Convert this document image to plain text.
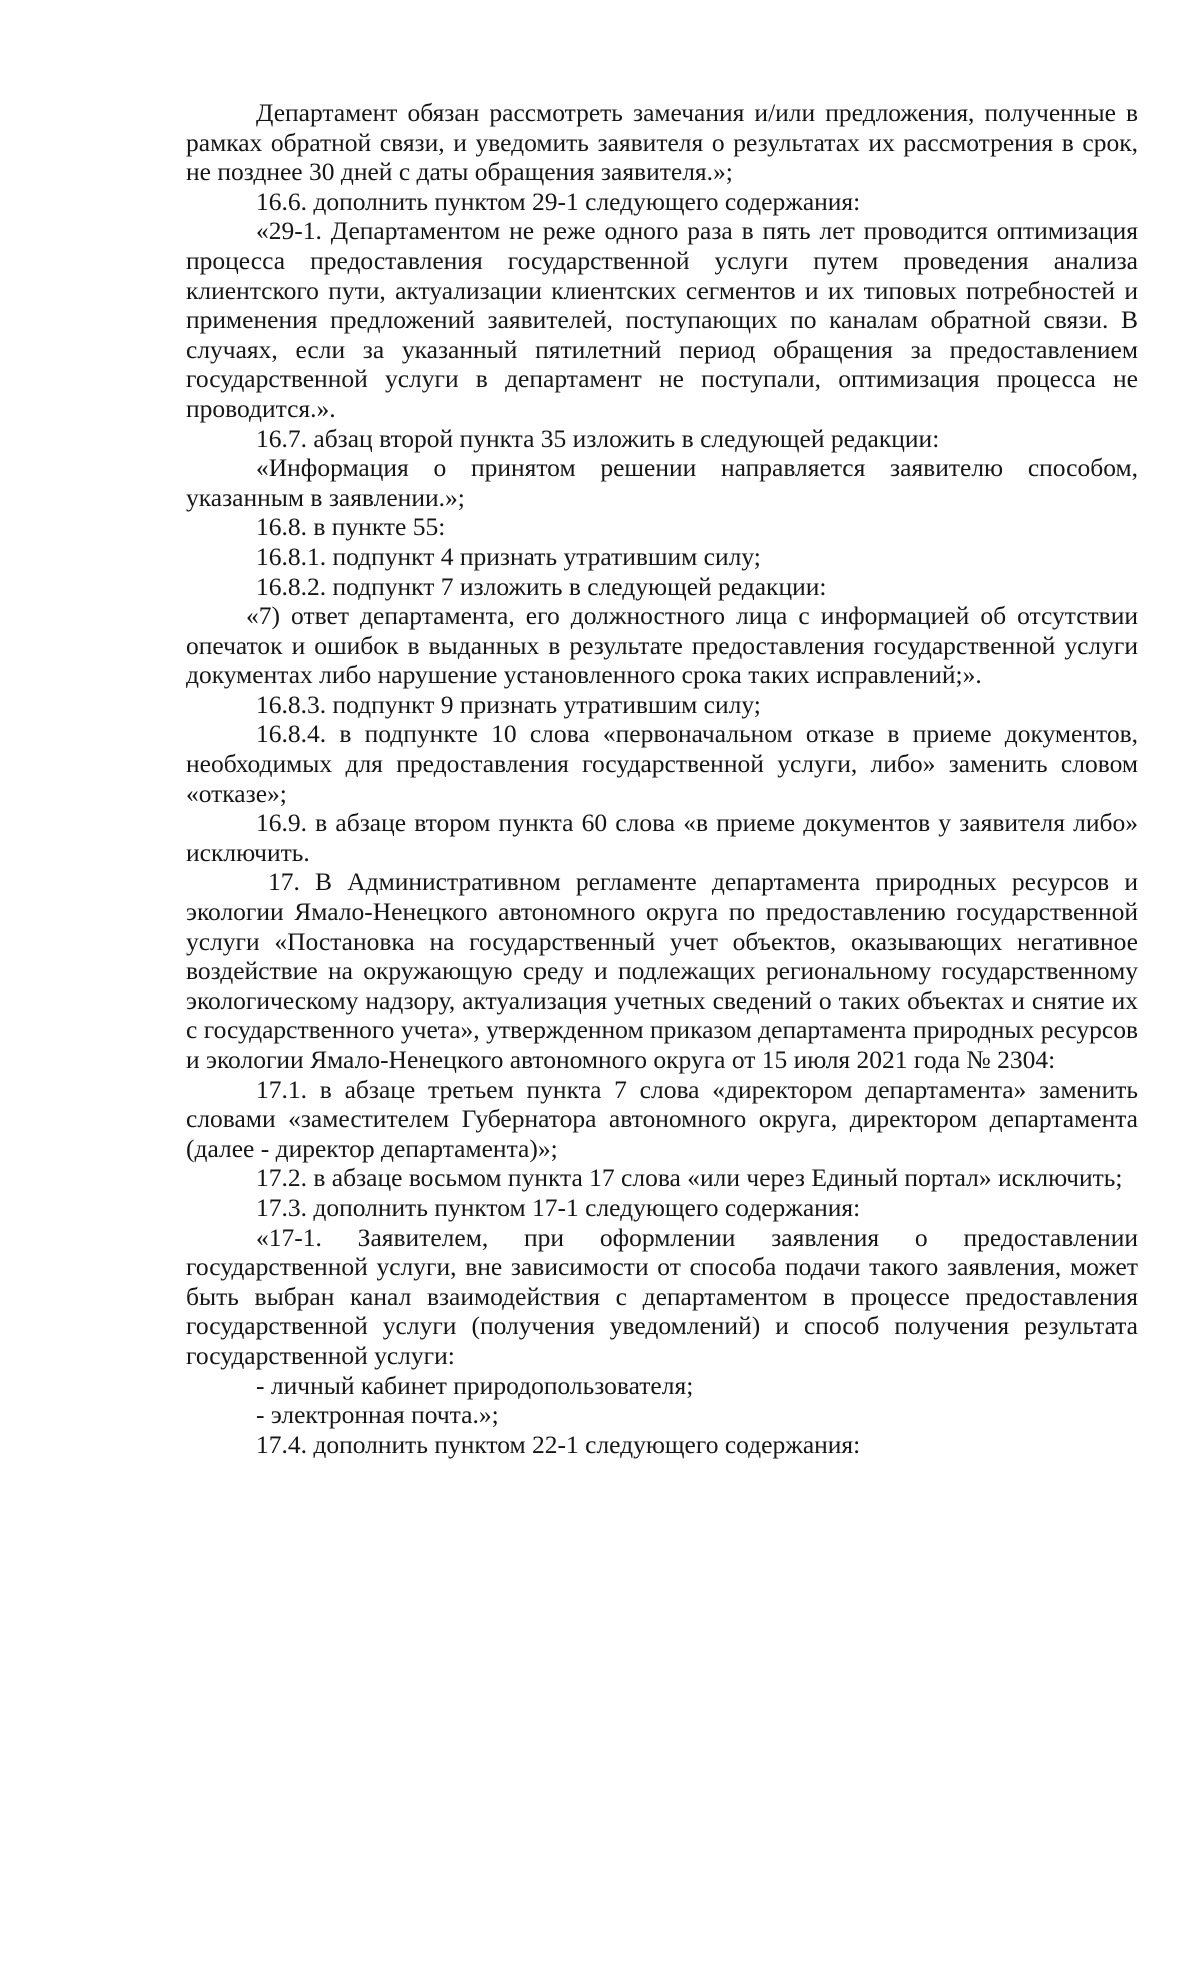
Департамент обязан рассмотреть замечания и/или предложения, полученные в рамках обратной связи, и уведомить заявителя о результатах их рассмотрения в срок, не позднее 30 дней с даты обращения заявителя.»;

16.6. дополнить пунктом 29-1 следующего содержания:

«29-1. Департаментом не реже одного раза в пять лет проводится оптимизация процесса предоставления государственной услуги путем проведения анализа клиентского пути, актуализации клиентских сегментов и их типовых потребностей и применения предложений заявителей, поступающих по каналам обратной связи. В случаях, если за указанный пятилетний период обращения за предоставлением государственной услуги в департамент не поступали, оптимизация процесса не проводится.».

16.7. абзац второй пункта 35 изложить в следующей редакции:

«Информация о принятом решении направляется заявителю способом, указанным в заявлении.»;

16.8. в пункте 55:

16.8.1. подпункт 4 признать утратившим силу;

16.8.2. подпункт 7 изложить в следующей редакции:

«7) ответ департамента, его должностного лица с информацией об отсутствии опечаток и ошибок в выданных в результате предоставления государственной услуги документах либо нарушение установленного срока таких исправлений;».

16.8.3. подпункт 9 признать утратившим силу;

16.8.4. в подпункте 10 слова «первоначальном отказе в приеме документов, необходимых для предоставления государственной услуги, либо» заменить словом «отказе»;

16.9. в абзаце втором пункта 60 слова «в приеме документов у заявителя либо» исключить.

17. В Административном регламенте департамента природных ресурсов и экологии Ямало-Ненецкого автономного округа по предоставлению государственной услуги «Постановка на государственный учет объектов, оказывающих негативное воздействие на окружающую среду и подлежащих региональному государственному экологическому надзору, актуализация учетных сведений о таких объектах и снятие их с государственного учета», утвержденном приказом департамента природных ресурсов и экологии Ямало-Ненецкого автономного округа от 15 июля 2021 года № 2304:

17.1. в абзаце третьем пункта 7 слова «директором департамента» заменить словами «заместителем Губернатора автономного округа, директором департамента (далее - директор департамента)»;

17.2. в абзаце восьмом пункта 17 слова «или через Единый портал» исключить;

17.3. дополнить пунктом 17-1 следующего содержания:

«17-1. Заявителем, при оформлении заявления о предоставлении государственной услуги, вне зависимости от способа подачи такого заявления, может быть выбран канал взаимодействия с департаментом в процессе предоставления государственной услуги (получения уведомлений) и способ получения результата государственной услуги:

- личный кабинет природопользователя;

- электронная почта.»;

17.4. дополнить пунктом 22-1 следующего содержания:
